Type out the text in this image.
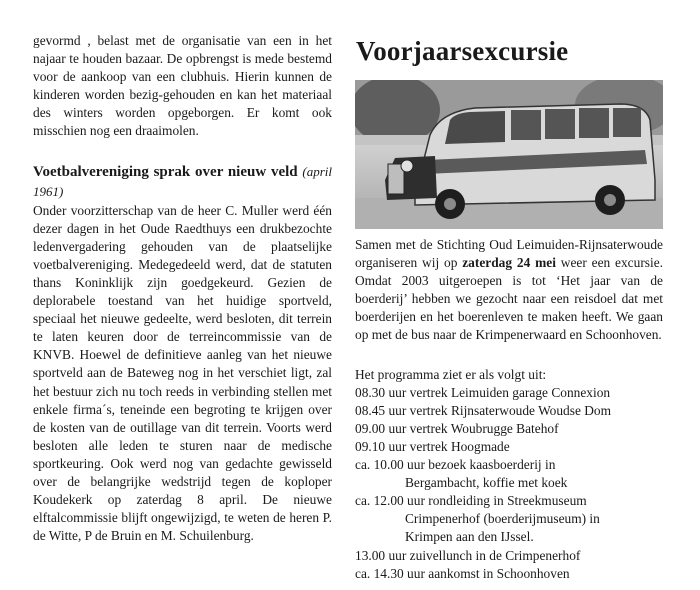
gevormd , belast met de organisatie van een in het najaar te houden bazaar. De opbrengst is mede bestemd voor de aankoop van een clubhuis. Hierin kunnen de kinderen worden bezig-gehouden en kan het materiaal des winters worden opgeborgen. Er komt ook misschien nog een draaimolen.

Voetbalvereniging sprak over nieuw veld (april 1961)

Onder voorzitterschap van de heer C. Muller werd één dezer dagen in het Oude Raedthuys een drukbezochte ledenvergadering gehouden van de plaatselijke voetbalvereniging. Medegedeeld werd, dat de statuten thans Koninklijk zijn goedgekeurd. Gezien de deplorabele toestand van het huidige sportveld, speciaal het nieuwe gedeelte, werd besloten, dit terrein te laten keuren door de terreincommissie van de KNVB. Hoewel de definitieve aanleg van het nieuwe sportveld aan de Bateweg nog in het verschiet ligt, zal het bestuur zich nu toch reeds in verbinding stellen met enkele firma´s, teneinde een begroting te krijgen over de kosten van de outillage van dit terrein. Voorts werd besloten alle leden te sturen naar de medische sportkeuring. Ook werd nog van gedachte gewisseld over de belangrijke wedstrijd tegen de koploper Koudekerk op zaterdag 8 april. De nieuwe elftalcommissie blijft ongewijzigd, te weten de heren P. de Witte, P de Bruin en M. Schuilenburg.

Voorjaarsexcursie

Samen met de Stichting Oud Leimuiden-Rijnsaterwoude organiseren wij op zaterdag 24 mei weer een excursie. Omdat 2003 uitgeroepen is tot ‘Het jaar van de boerderij’ hebben we gezocht naar een reisdoel dat met boerderijen en het boerenleven te maken heeft. We gaan op met de bus naar de Krimpenerwaard en Schoonhoven.

Het programma ziet er als volgt uit:

08.30 uur vertrek Leimuiden garage Connexion
08.45 uur vertrek Rijnsaterwoude Woudse Dom
09.00 uur vertrek Woubrugge Batehof
09.10 uur vertrek Hoogmade
ca. 10.00 uur bezoek kaasboerderij in
Bergambacht, koffie met koek
ca. 12.00 uur rondleiding in Streekmuseum
Crimpenerhof (boerderijmuseum) in
Krimpen aan den IJssel.
13.00 uur zuivellunch in de Crimpenerhof
ca. 14.30 uur aankomst in Schoonhoven
